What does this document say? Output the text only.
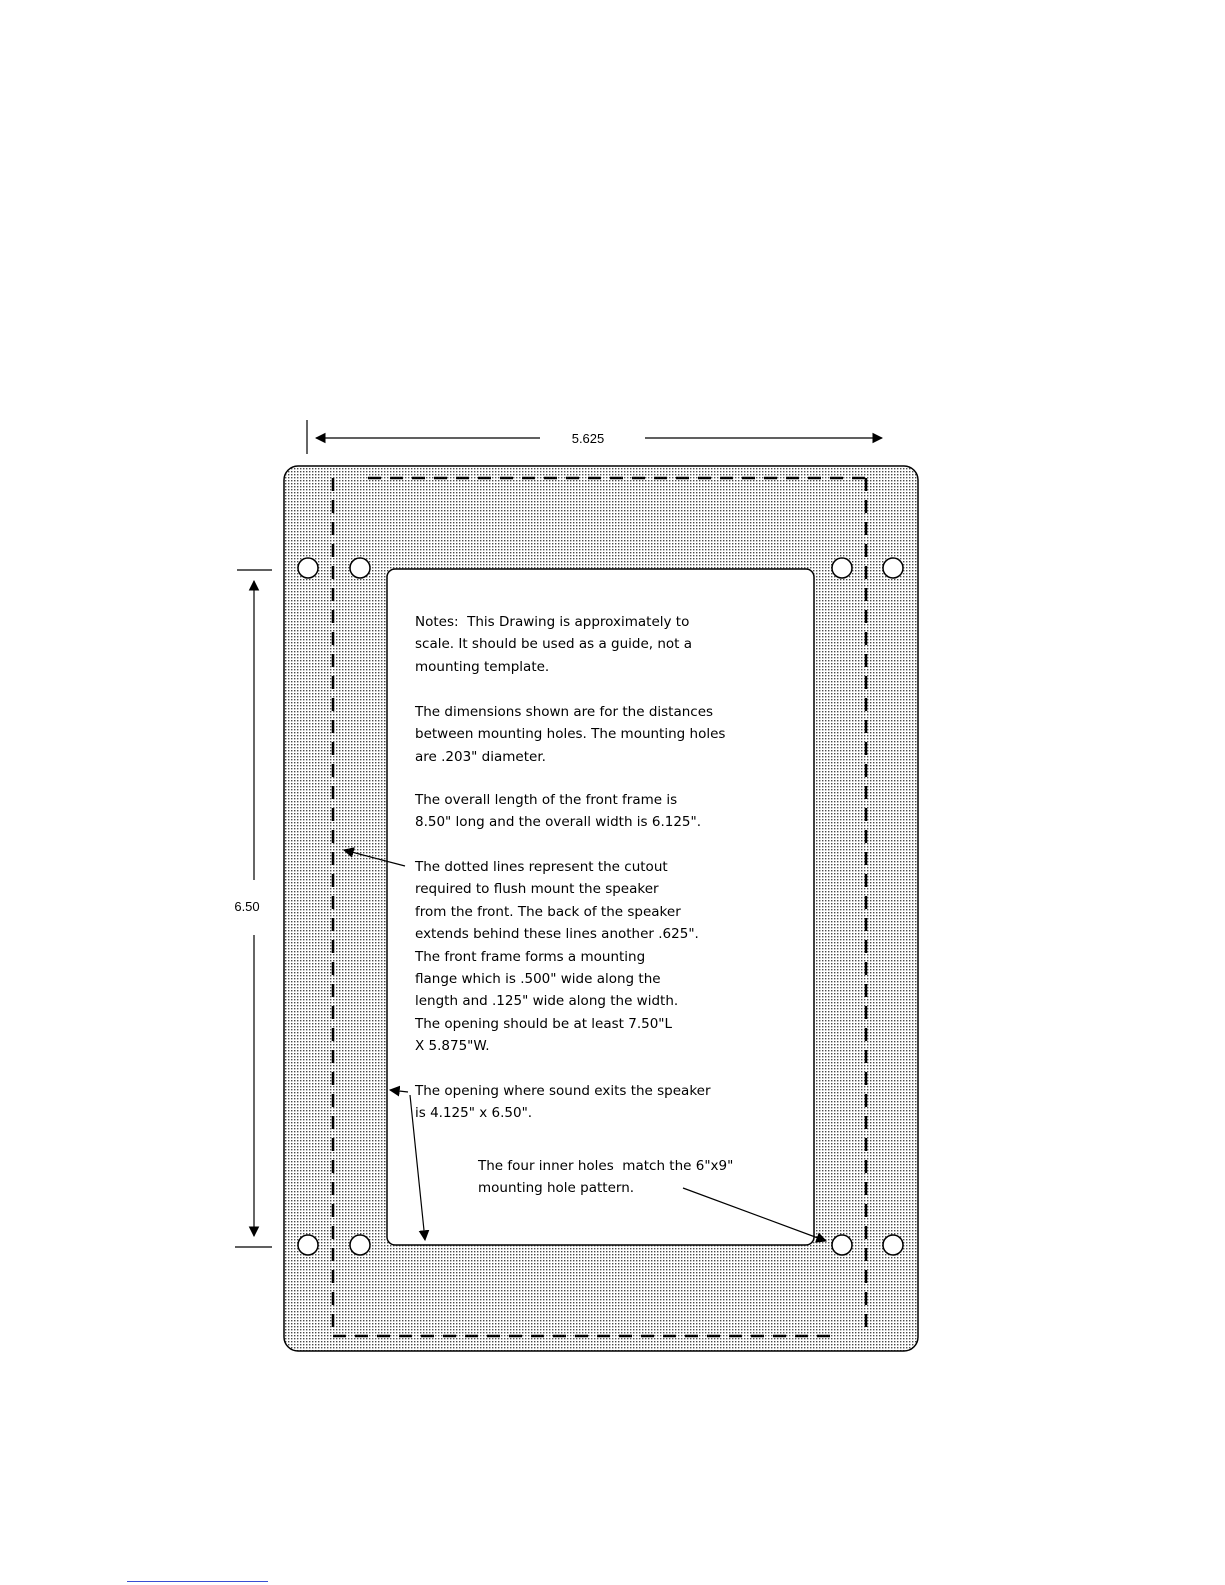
5.625
6.50

Notes:  This Drawing is approximately to
scale. It should be used as a guide, not a
mounting template.

The dimensions shown are for the distances
between mounting holes. The mounting holes
are .203" diameter.

The overall length of the front frame is
8.50" long and the overall width is 6.125".

The dotted lines represent the cutout
required to flush mount the speaker
from the front. The back of the speaker
extends behind these lines another .625".
The front frame forms a mounting
flange which is .500" wide along the
length and .125" wide along the width.
The opening should be at least 7.50"L
X 5.875"W.

The opening where sound exits the speaker
is 4.125" x 6.50".

The four inner holes  match the 6"x9"
mounting hole pattern.
